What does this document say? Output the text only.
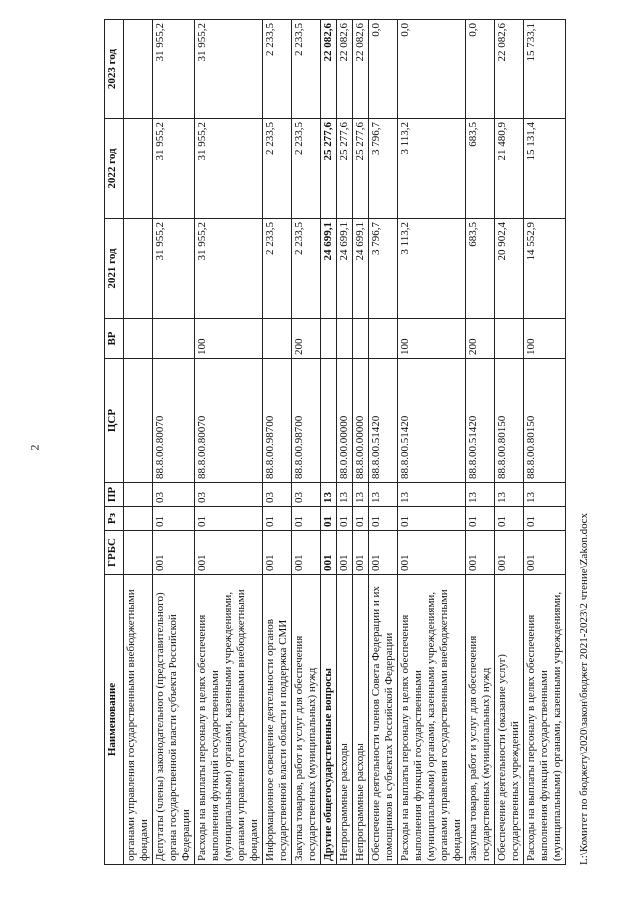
2
Наименование	ГРБС	Рз	ПР	ЦСР	ВР	2021 год	2022 год	2023 год
органами управления государственными внебюджетными фондами								
Депутаты (члены) законодательного (представительного) органа государственной власти субъекта Российской Федерации	001	01	03	88.8.00.80070		31 955,2	31 955,2	31 955,2
Расходы на выплаты персоналу в целях обеспечения выполнения функций государственными (муниципальными) органами, казенными учреждениями, органами управления государственными внебюджетными фондами	001	01	03	88.8.00.80070	100	31 955,2	31 955,2	31 955,2
Информационное освещение деятельности органов государственной власти области и поддержка СМИ	001	01	03	88.8.00.98700		2 233,5	2 233,5	2 233,5
Закупка товаров, работ и услуг для обеспечения государственных (муниципальных) нужд	001	01	03	88.8.00.98700	200	2 233,5	2 233,5	2 233,5
Другие общегосударственные вопросы	001	01	13			24 699,1	25 277,6	22 082,6
Непрограммные расходы	001	01	13	88.0.00.00000		24 699,1	25 277,6	22 082,6
Непрограммные расходы	001	01	13	88.8.00.00000		24 699,1	25 277,6	22 082,6
Обеспечение деятельности членов Совета Федерации и их помощников в субъектах Российской Федерации	001	01	13	88.8.00.51420		3 796,7	3 796,7	0,0
Расходы на выплаты персоналу в целях обеспечения выполнения функций государственными (муниципальными) органами, казенными учреждениями, органами управления государственными внебюджетными фондами	001	01	13	88.8.00.51420	100	3 113,2	3 113,2	0,0
Закупка товаров, работ и услуг для обеспечения государственных (муниципальных) нужд	001	01	13	88.8.00.51420	200	683,5	683,5	0,0
Обеспечение деятельности (оказание услуг) государственных учреждений	001	01	13	88.8.00.80150		20 902,4	21 480,9	22 082,6
Расходы на выплаты персоналу в целях обеспечения выполнения функций государственными (муниципальными) органами, казенными учреждениями,	001	01	13	88.8.00.80150	100	14 552,9	15 131,4	15 733,1
L:\Комитет по бюджету\2020\закон\бюджет 2021-2023\2 чтение\Zakon.docx
